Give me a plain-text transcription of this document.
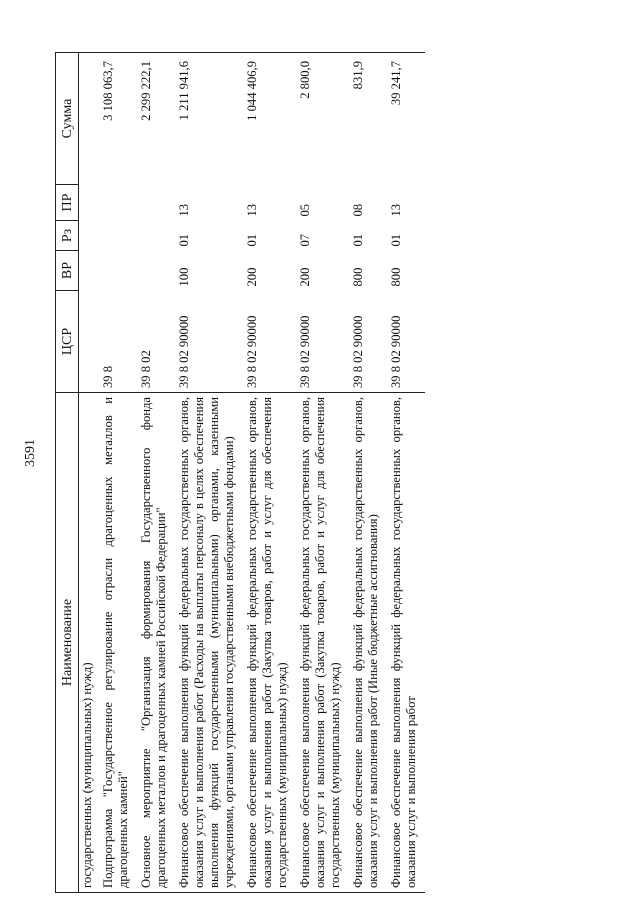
3591
Наименование	ЦСР	ВР	Рз	ПР	Сумма
государственных (муниципальных) нужд)					
Подпрограмма "Государственное регулирование отрасли драгоценных металлов и драгоценных камней"	39 8				3 108 063,7
Основное мероприятие "Организация формирования Государственного фонда драгоценных металлов и драгоценных камней Российской Федерации"	39 8 02				2 299 222,1
Финансовое обеспечение выполнения функций федеральных государственных органов, оказания услуг и выполнения работ (Расходы на выплаты персоналу в целях обеспечения выполнения функций государственными (муниципальными) органами, казенными учреждениями, органами управления государственными внебюджетными фондами)	39 8 02 90000	100	01	13	1 211 941,6
Финансовое обеспечение выполнения функций федеральных государственных органов, оказания услуг и выполнения работ (Закупка товаров, работ и услуг для обеспечения государственных (муниципальных) нужд)	39 8 02 90000	200	01	13	1 044 406,9
Финансовое обеспечение выполнения функций федеральных государственных органов, оказания услуг и выполнения работ (Закупка товаров, работ и услуг для обеспечения государственных (муниципальных) нужд)	39 8 02 90000	200	07	05	2 800,0
Финансовое обеспечение выполнения функций федеральных государственных органов, оказания услуг и выполнения работ (Иные бюджетные ассигнования)	39 8 02 90000	800	01	08	831,9
Финансовое обеспечение выполнения функций федеральных государственных органов, оказания услуг и выполнения работ	39 8 02 90000	800	01	13	39 241,7
